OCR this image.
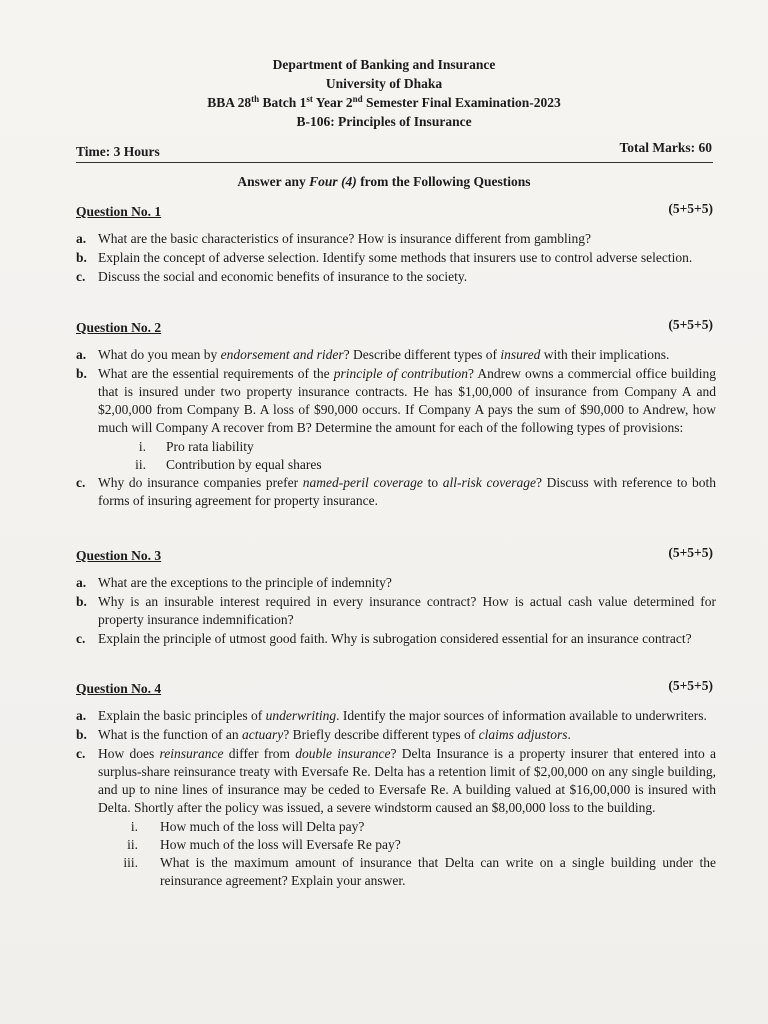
Department of Banking and Insurance
University of Dhaka
BBA 28th Batch 1st Year 2nd Semester Final Examination-2023
B-106: Principles of Insurance
Time: 3 Hours	Total Marks: 60
Answer any Four (4) from the Following Questions
Question No. 1	(5+5+5)
a. What are the basic characteristics of insurance? How is insurance different from gambling?
b. Explain the concept of adverse selection. Identify some methods that insurers use to control adverse selection.
c. Discuss the social and economic benefits of insurance to the society.
Question No. 2	(5+5+5)
a. What do you mean by endorsement and rider? Describe different types of insured with their implications.
b. What are the essential requirements of the principle of contribution? Andrew owns a commercial office building that is insured under two property insurance contracts. He has $1,00,000 of insurance from Company A and $2,00,000 from Company B. A loss of $90,000 occurs. If Company A pays the sum of $90,000 to Andrew, how much will Company A recover from B? Determine the amount for each of the following types of provisions:
i.	Pro rata liability
ii.	Contribution by equal shares
c. Why do insurance companies prefer named-peril coverage to all-risk coverage? Discuss with reference to both forms of insuring agreement for property insurance.
Question No. 3	(5+5+5)
a. What are the exceptions to the principle of indemnity?
b. Why is an insurable interest required in every insurance contract? How is actual cash value determined for property insurance indemnification?
c. Explain the principle of utmost good faith. Why is subrogation considered essential for an insurance contract?
Question No. 4	(5+5+5)
a. Explain the basic principles of underwriting. Identify the major sources of information available to underwriters.
b. What is the function of an actuary? Briefly describe different types of claims adjustors.
c. How does reinsurance differ from double insurance? Delta Insurance is a property insurer that entered into a surplus-share reinsurance treaty with Eversafe Re. Delta has a retention limit of $2,00,000 on any single building, and up to nine lines of insurance may be ceded to Eversafe Re. A building valued at $16,00,000 is insured with Delta. Shortly after the policy was issued, a severe windstorm caused an $8,00,000 loss to the building.
i.	How much of the loss will Delta pay?
ii.	How much of the loss will Eversafe Re pay?
iii.	What is the maximum amount of insurance that Delta can write on a single building under the reinsurance agreement? Explain your answer.
